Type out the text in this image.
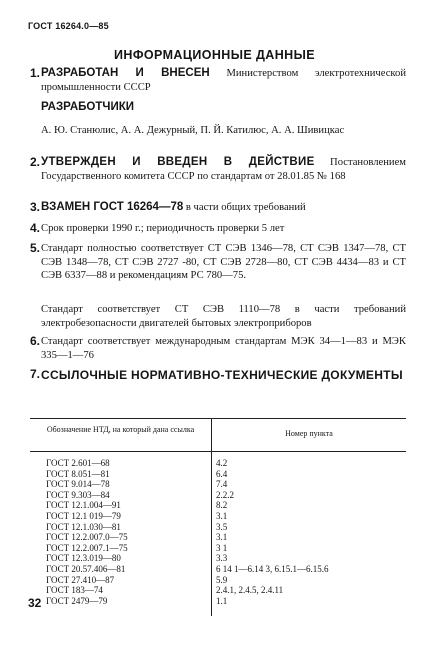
ГОСТ 16264.0—85
ИНФОРМАЦИОННЫЕ ДАННЫЕ
1. РАЗРАБОТАН И ВНЕСЕН Министерством электротехнической промышленности СССР
РАЗРАБОТЧИКИ
А. Ю. Станюлис, А. А. Дежурный, П. Й. Катилюс, А. А. Шивицкас
2. УТВЕРЖДЕН И ВВЕДЕН В ДЕЙСТВИЕ Постановлением Государственного комитета СССР по стандартам от 28.01.85 № 168
3. ВЗАМЕН ГОСТ 16264—78 в части общих требований
4. Срок проверки 1990 г.; периодичность проверки 5 лет
5. Стандарт полностью соответствует СТ СЭВ 1346—78, СТ СЭВ 1347—78, СТ СЭВ 1348—78, СТ СЭВ 2727 -80, СТ СЭВ 2728—80, СТ СЭВ 4434—83 и СТ СЭВ 6337—88 и рекомендациям РС 780—75.
Стандарт соответствует СТ СЭВ 1110—78 в части требований электробезопасности двигателей бытовых электроприборов
6. Стандарт соответствует международным стандартам МЭК 34—1—83 и МЭК 335—1—76
7. ССЫЛОЧНЫЕ НОРМАТИВНО-ТЕХНИЧЕСКИЕ ДОКУМЕНТЫ
Обозначение НТД, на который дана ссылка	Номер пункта
ГОСТ 2.601—68	4.2
ГОСТ 8.051—81	6.4
ГОСТ 9.014—78	7.4
ГОСТ 9.303—84	2.2.2
ГОСТ 12.1.004—91	8.2
ГОСТ 12.1 019—79	3.1
ГОСТ 12.1.030—81	3.5
ГОСТ 12.2.007.0—75	3.1
ГОСТ 12.2.007.1—75	3 1
ГОСТ 12.3.019—80	3.3
ГОСТ 20.57.406—81	6 14 1—6.14 3, 6.15.1—6.15.6
ГОСТ 27.410—87	5.9
ГОСТ 183—74	2.4.1, 2.4.5, 2.4.11
ГОСТ 2479—79	1.1
32
